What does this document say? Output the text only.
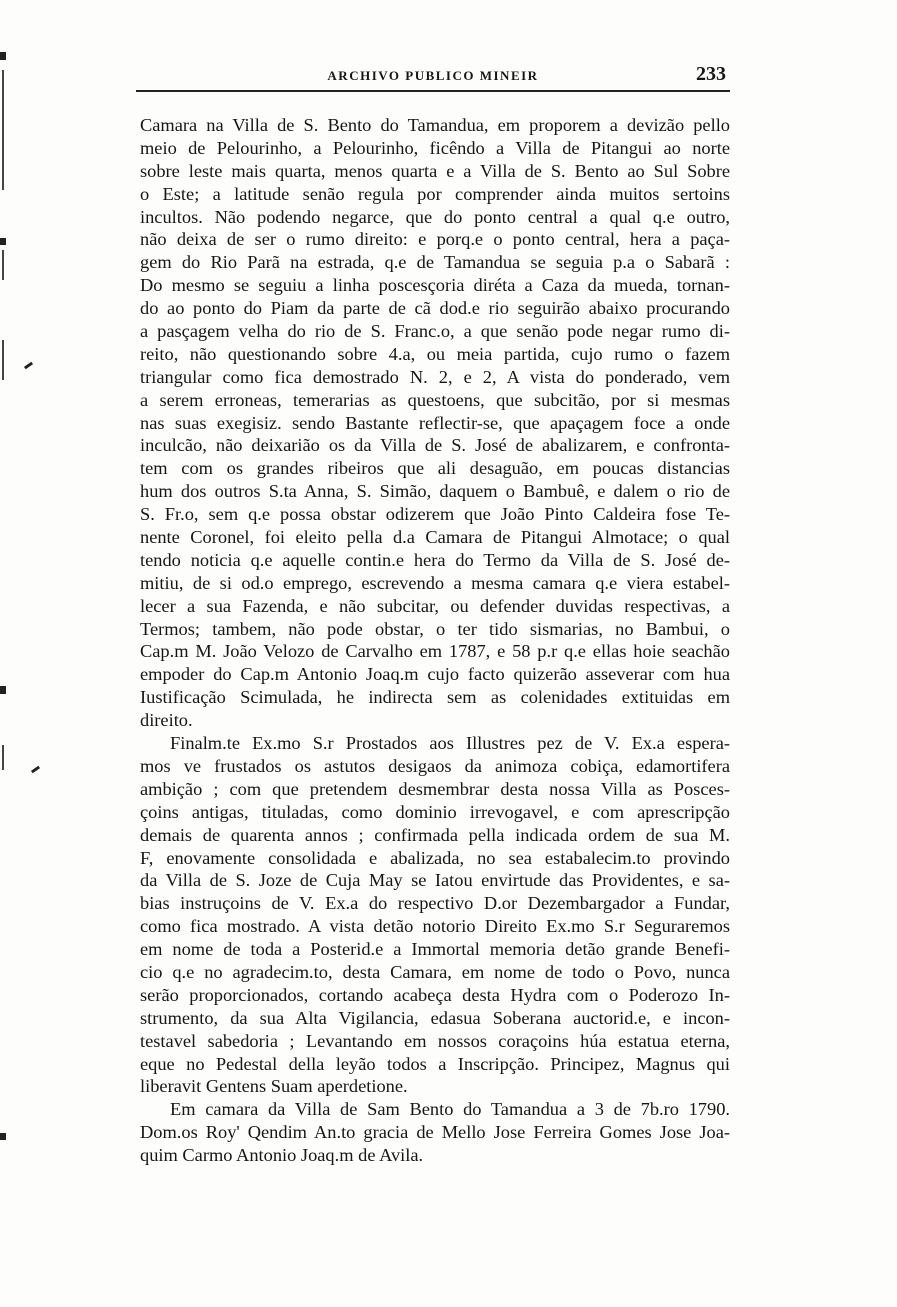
ARCHIVO PUBLICO MINEIR	233
Camara na Villa de S. Bento do Tamandua, em proporem a devizão pello
meio de Pelourinho, a Pelourinho, ficêndo a Villa de Pitangui ao norte
sobre leste mais quarta, menos quarta e a Villa de S. Bento ao Sul Sobre
o Este; a latitude senão regula por comprender ainda muitos sertoins
incultos. Não podendo negarce, que do ponto central a qual q.e outro,
não deixa de ser o rumo direito: e porq.e o ponto central, hera a paça-
gem do Rio Parã na estrada, q.e de Tamandua se seguia p.a o Sabarã :
Do mesmo se seguiu a linha poscesçoria diréta a Caza da mueda, tornan-
do ao ponto do Piam da parte de cã dod.e rio seguirão abaixo procurando
a pasçagem velha do rio de S. Franc.o, a que senão pode negar rumo di-
reito, não questionando sobre 4.a, ou meia partida, cujo rumo o fazem
triangular como fica demostrado N. 2, e 2, A vista do ponderado, vem
a serem erroneas, temerarias as questoens, que subcitão, por si mesmas
nas suas exegisiz. sendo Bastante reflectir-se, que apaçagem foce a onde
inculcão, não deixarião os da Villa de S. José de abalizarem, e confronta-
tem com os grandes ribeiros que ali desaguão, em poucas distancias
hum dos outros S.ta Anna, S. Simão, daquem o Bambuê, e dalem o rio de
S. Fr.o, sem q.e possa obstar odizerem que João Pinto Caldeira fose Te-
nente Coronel, foi eleito pella d.a Camara de Pitangui Almotace; o qual
tendo noticia q.e aquelle contin.e hera do Termo da Villa de S. José de-
mitiu, de si od.o emprego, escrevendo a mesma camara q.e viera estabel-
lecer a sua Fazenda, e não subcitar, ou defender duvidas respectivas, a
Termos; tambem, não pode obstar, o ter tido sismarias, no Bambui, o
Cap.m M. João Velozo de Carvalho em 1787, e 58 p.r q.e ellas hoie seachão
empoder do Cap.m Antonio Joaq.m cujo facto quizerão asseverar com hua
Iustificação Scimulada, he indirecta sem as colenidades extituidas em
direito.
Finalm.te Ex.mo S.r Prostados aos Illustres pez de V. Ex.a espera-
mos ve frustados os astutos desigaos da animoza cobiça, edamortifera
ambição ; com que pretendem desmembrar desta nossa Villa as Posces-
çoins antigas, tituladas, como dominio irrevogavel, e com aprescripção
demais de quarenta annos ; confirmada pella indicada ordem de sua M.
F, enovamente consolidada e abalizada, no sea estabalecim.to provindo
da Villa de S. Joze de Cuja May se Iatou envirtude das Providentes, e sa-
bias instruçoins de V. Ex.a do respectivo D.or Dezembargador a Fundar,
como fica mostrado. A vista detão notorio Direito Ex.mo S.r Seguraremos
em nome de toda a Posterid.e a Immortal memoria detão grande Benefi-
cio q.e no agradecim.to, desta Camara, em nome de todo o Povo, nunca
serão proporcionados, cortando acabeça desta Hydra com o Poderozo In-
strumento, da sua Alta Vigilancia, edasua Soberana auctorid.e, e incon-
testavel sabedoria ; Levantando em nossos coraçoins húa estatua eterna,
eque no Pedestal della leyão todos a Inscripção. Principez, Magnus qui
liberavit Gentens Suam aperdetione.
Em camara da Villa de Sam Bento do Tamandua a 3 de 7b.ro 1790.
Dom.os Roy' Qendim An.to gracia de Mello Jose Ferreira Gomes Jose Joa-
quim Carmo Antonio Joaq.m de Avila.
